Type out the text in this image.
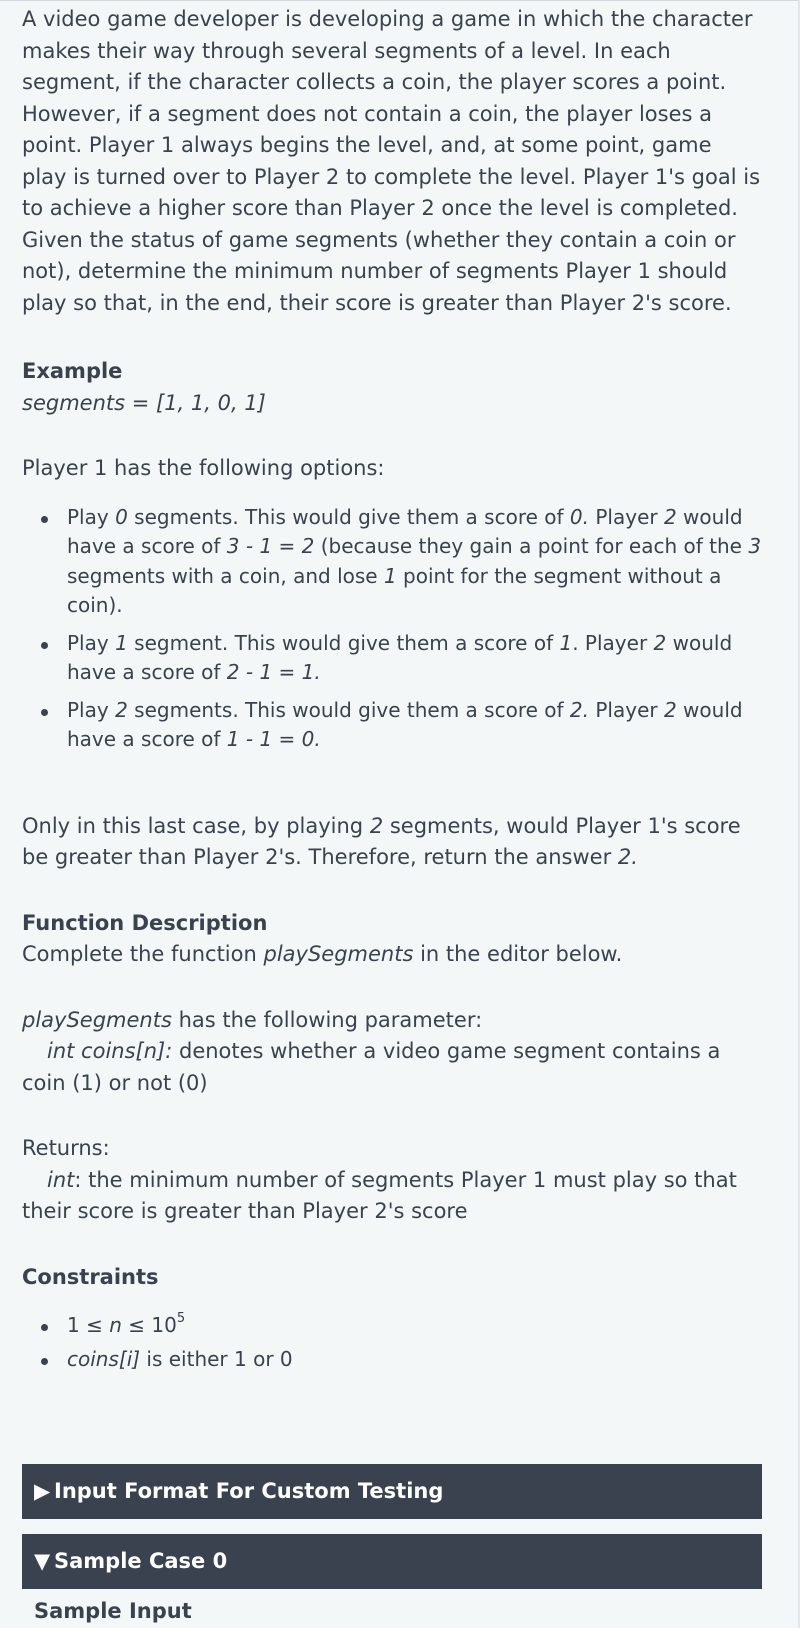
A video game developer is developing a game in which the character makes their way through several segments of a level. In each segment, if the character collects a coin, the player scores a point. However, if a segment does not contain a coin, the player loses a point. Player 1 always begins the level, and, at some point, game play is turned over to Player 2 to complete the level. Player 1's goal is to achieve a higher score than Player 2 once the level is completed. Given the status of game segments (whether they contain a coin or not), determine the minimum number of segments Player 1 should play so that, in the end, their score is greater than Player 2's score.

Example

segments = [1, 1, 0, 1]

Player 1 has the following options:

Play 0 segments. This would give them a score of 0. Player 2 would have a score of 3 - 1 = 2 (because they gain a point for each of the 3 segments with a coin, and lose 1 point for the segment without a coin).
Play 1 segment. This would give them a score of 1. Player 2 would have a score of 2 - 1 = 1.
Play 2 segments. This would give them a score of 2. Player 2 would have a score of 1 - 1 = 0.

Only in this last case, by playing 2 segments, would Player 1's score be greater than Player 2's. Therefore, return the answer 2.

Function Description

Complete the function playSegments in the editor below.

playSegments has the following parameter:

int coins[n]: denotes whether a video game segment contains a coin (1) or not (0)

Returns:

int: the minimum number of segments Player 1 must play so that their score is greater than Player 2's score

Constraints

$1 \le n \le 10^5$
coins[i] is either 1 or 0
▶ Input Format For Custom Testing
▼ Sample Case 0
Sample Input
